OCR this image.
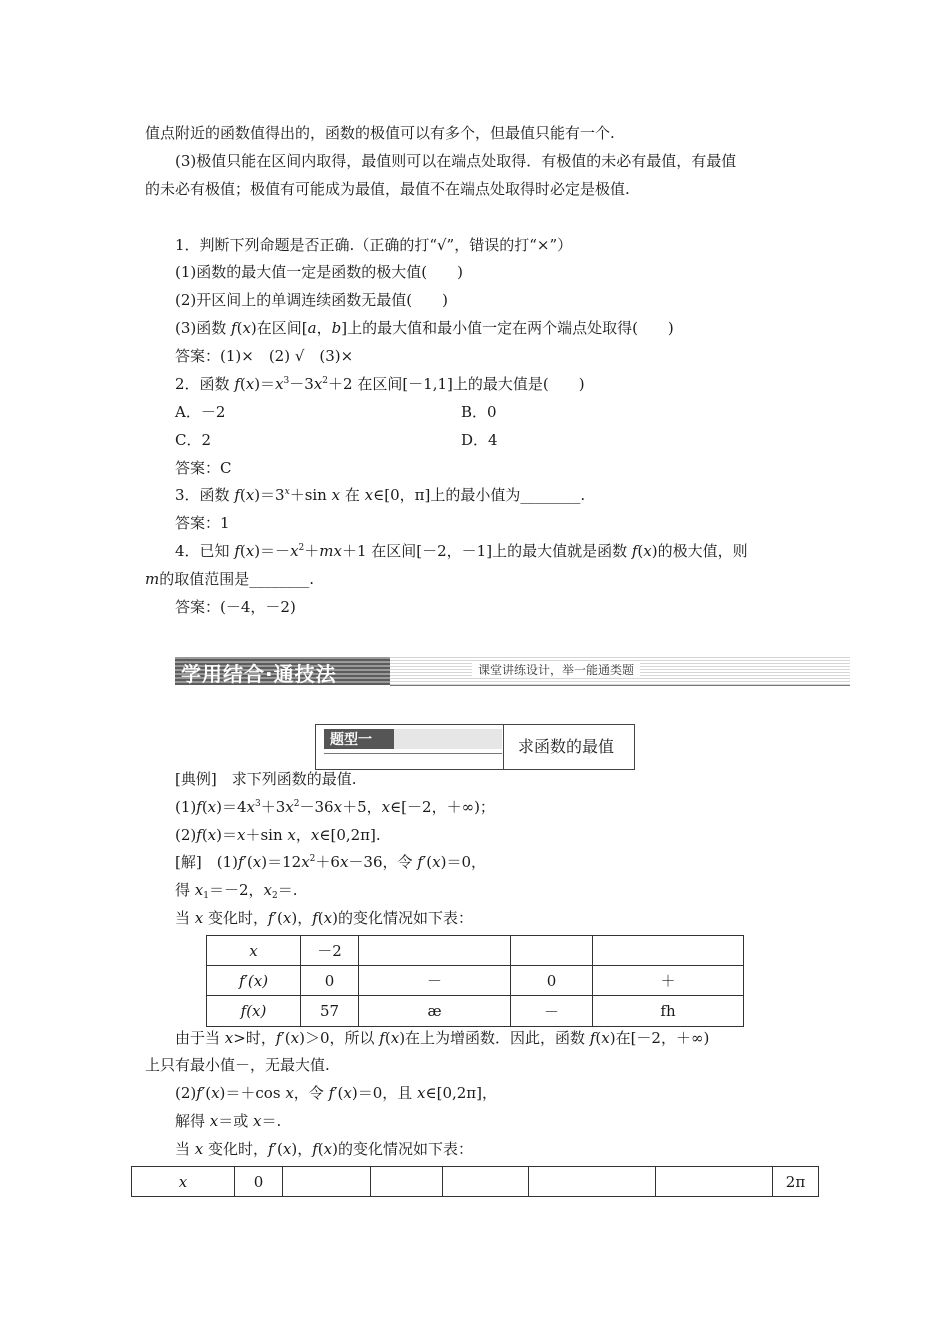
值点附近的函数值得出的，函数的极值可以有多个，但最值只能有一个.
(3)极值只能在区间内取得，最值则可以在端点处取得．有极值的未必有最值，有最值
的未必有极值；极值有可能成为最值，最值不在端点处取得时必定是极值.
1．判断下列命题是否正确.（正确的打“√”，错误的打“×”）
(1)函数的最大值一定是函数的极大值(　　)
(2)开区间上的单调连续函数无最值(　　)
(3)函数 f(x)在区间[a，b]上的最大值和最小值一定在两个端点处取得(　　)
答案：(1)×　(2) √　(3)×
2．函数 $f(x)=x^3-3x^2+2$ 在区间[－1,1]上的最大值是(　　)
A．－2	B．0
C．2	D．4
答案：C
3．函数 $f(x)=3^x+\sin$ x 在 x∈[0，π]上的最小值为________.
答案：1
4．已知 $f(x)=-x^2+mx+1$ 在区间[－2，－1]上的最大值就是函数 f(x)的极大值，则
m的取值范围是________.
答案：(－4，－2)
学用结合·通技法	课堂讲练设计，举一能通类题
题型一	求函数的最值
[典例]　求下列函数的最值.
$(1)f(x)=4x^3+3x^2-36x+5$，x∈[－2，＋∞)；
(2)f(x)＝x＋sin x，x∈[0,2π].
[解]　$(1)f'(x)=12x^2+6x-36$，令 f′(x)＝0，
得 $x_1=-2$，$x_2=$.
当 x 变化时，f′(x)，f(x)的变化情况如下表：
x	－2			
f′(x)	0	－	0	＋
f(x)	57	æ	－	fh
由于当 x>时，f′(x)＞0，所以 f(x)在上为增函数．因此，函数 f(x)在[－2，＋∞)
上只有最小值－，无最大值.
(2)f′(x)＝＋cos x，令 f′(x)＝0，且 x∈[0,2π]，
解得 x＝或 x＝.
当 x 变化时，f′(x)，f(x)的变化情况如下表：
x	0						2π
